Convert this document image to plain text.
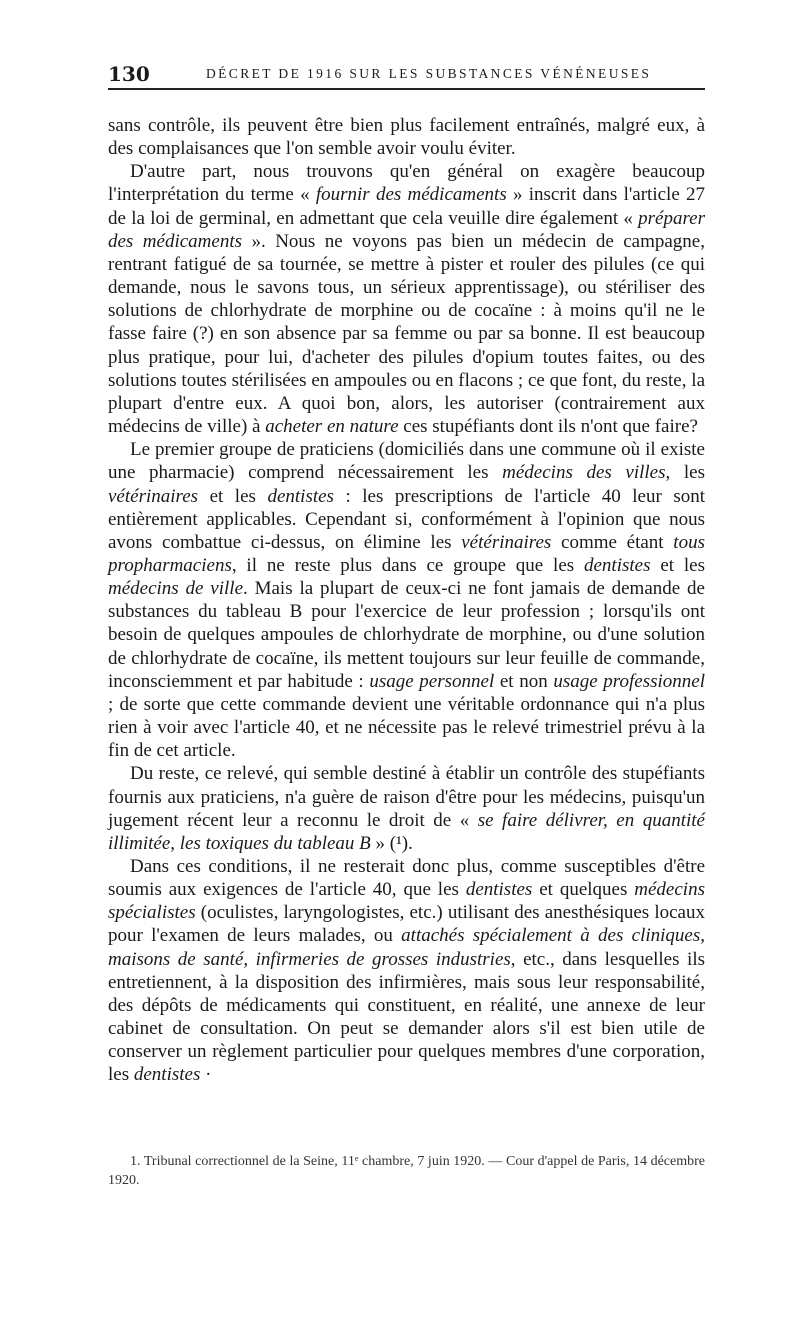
130	DÉCRET DE 1916 SUR LES SUBSTANCES VÉNÉNEUSES

sans contrôle, ils peuvent être bien plus facilement entraînés, malgré eux, à des complaisances que l'on semble avoir voulu éviter.

D'autre part, nous trouvons qu'en général on exagère beaucoup l'interprétation du terme « fournir des médicaments » inscrit dans l'article 27 de la loi de germinal, en admettant que cela veuille dire également « préparer des médicaments ». Nous ne voyons pas bien un médecin de campagne, rentrant fatigué de sa tournée, se mettre à pister et rouler des pilules (ce qui demande, nous le savons tous, un sérieux apprentissage), ou stériliser des solutions de chlorhydrate de morphine ou de cocaïne : à moins qu'il ne le fasse faire (?) en son absence par sa femme ou par sa bonne. Il est beaucoup plus pratique, pour lui, d'acheter des pilules d'opium toutes faites, ou des solutions toutes stérilisées en ampoules ou en flacons ; ce que font, du reste, la plupart d'entre eux. A quoi bon, alors, les autoriser (contrairement aux médecins de ville) à acheter en nature ces stupéfiants dont ils n'ont que faire?

Le premier groupe de praticiens (domiciliés dans une commune où il existe une pharmacie) comprend nécessairement les médecins des villes, les vétérinaires et les dentistes : les prescriptions de l'article 40 leur sont entièrement applicables. Cependant si, conformément à l'opinion que nous avons combattue ci-dessus, on élimine les vétérinaires comme étant tous propharmaciens, il ne reste plus dans ce groupe que les dentistes et les médecins de ville. Mais la plupart de ceux-ci ne font jamais de demande de substances du tableau B pour l'exercice de leur profession ; lorsqu'ils ont besoin de quelques ampoules de chlorhydrate de morphine, ou d'une solution de chlorhydrate de cocaïne, ils mettent toujours sur leur feuille de commande, inconsciemment et par habitude : usage personnel et non usage professionnel ; de sorte que cette commande devient une véritable ordonnance qui n'a plus rien à voir avec l'article 40, et ne nécessite pas le relevé trimestriel prévu à la fin de cet article.

Du reste, ce relevé, qui semble destiné à établir un contrôle des stupéfiants fournis aux praticiens, n'a guère de raison d'être pour les médecins, puisqu'un jugement récent leur a reconnu le droit de « se faire délivrer, en quantité illimitée, les toxiques du tableau B » (¹).

Dans ces conditions, il ne resterait donc plus, comme susceptibles d'être soumis aux exigences de l'article 40, que les dentistes et quelques médecins spécialistes (oculistes, laryngologistes, etc.) utilisant des anesthésiques locaux pour l'examen de leurs malades, ou attachés spécialement à des cliniques, maisons de santé, infirmeries de grosses industries, etc., dans lesquelles ils entretiennent, à la disposition des infirmières, mais sous leur responsabilité, des dépôts de médicaments qui constituent, en réalité, une annexe de leur cabinet de consultation. On peut se demander alors s'il est bien utile de conserver un règlement particulier pour quelques membres d'une corporation, les dentistes ·

1. Tribunal correctionnel de la Seine, 11ᵉ chambre, 7 juin 1920. — Cour d'appel de Paris, 14 décembre 1920.
